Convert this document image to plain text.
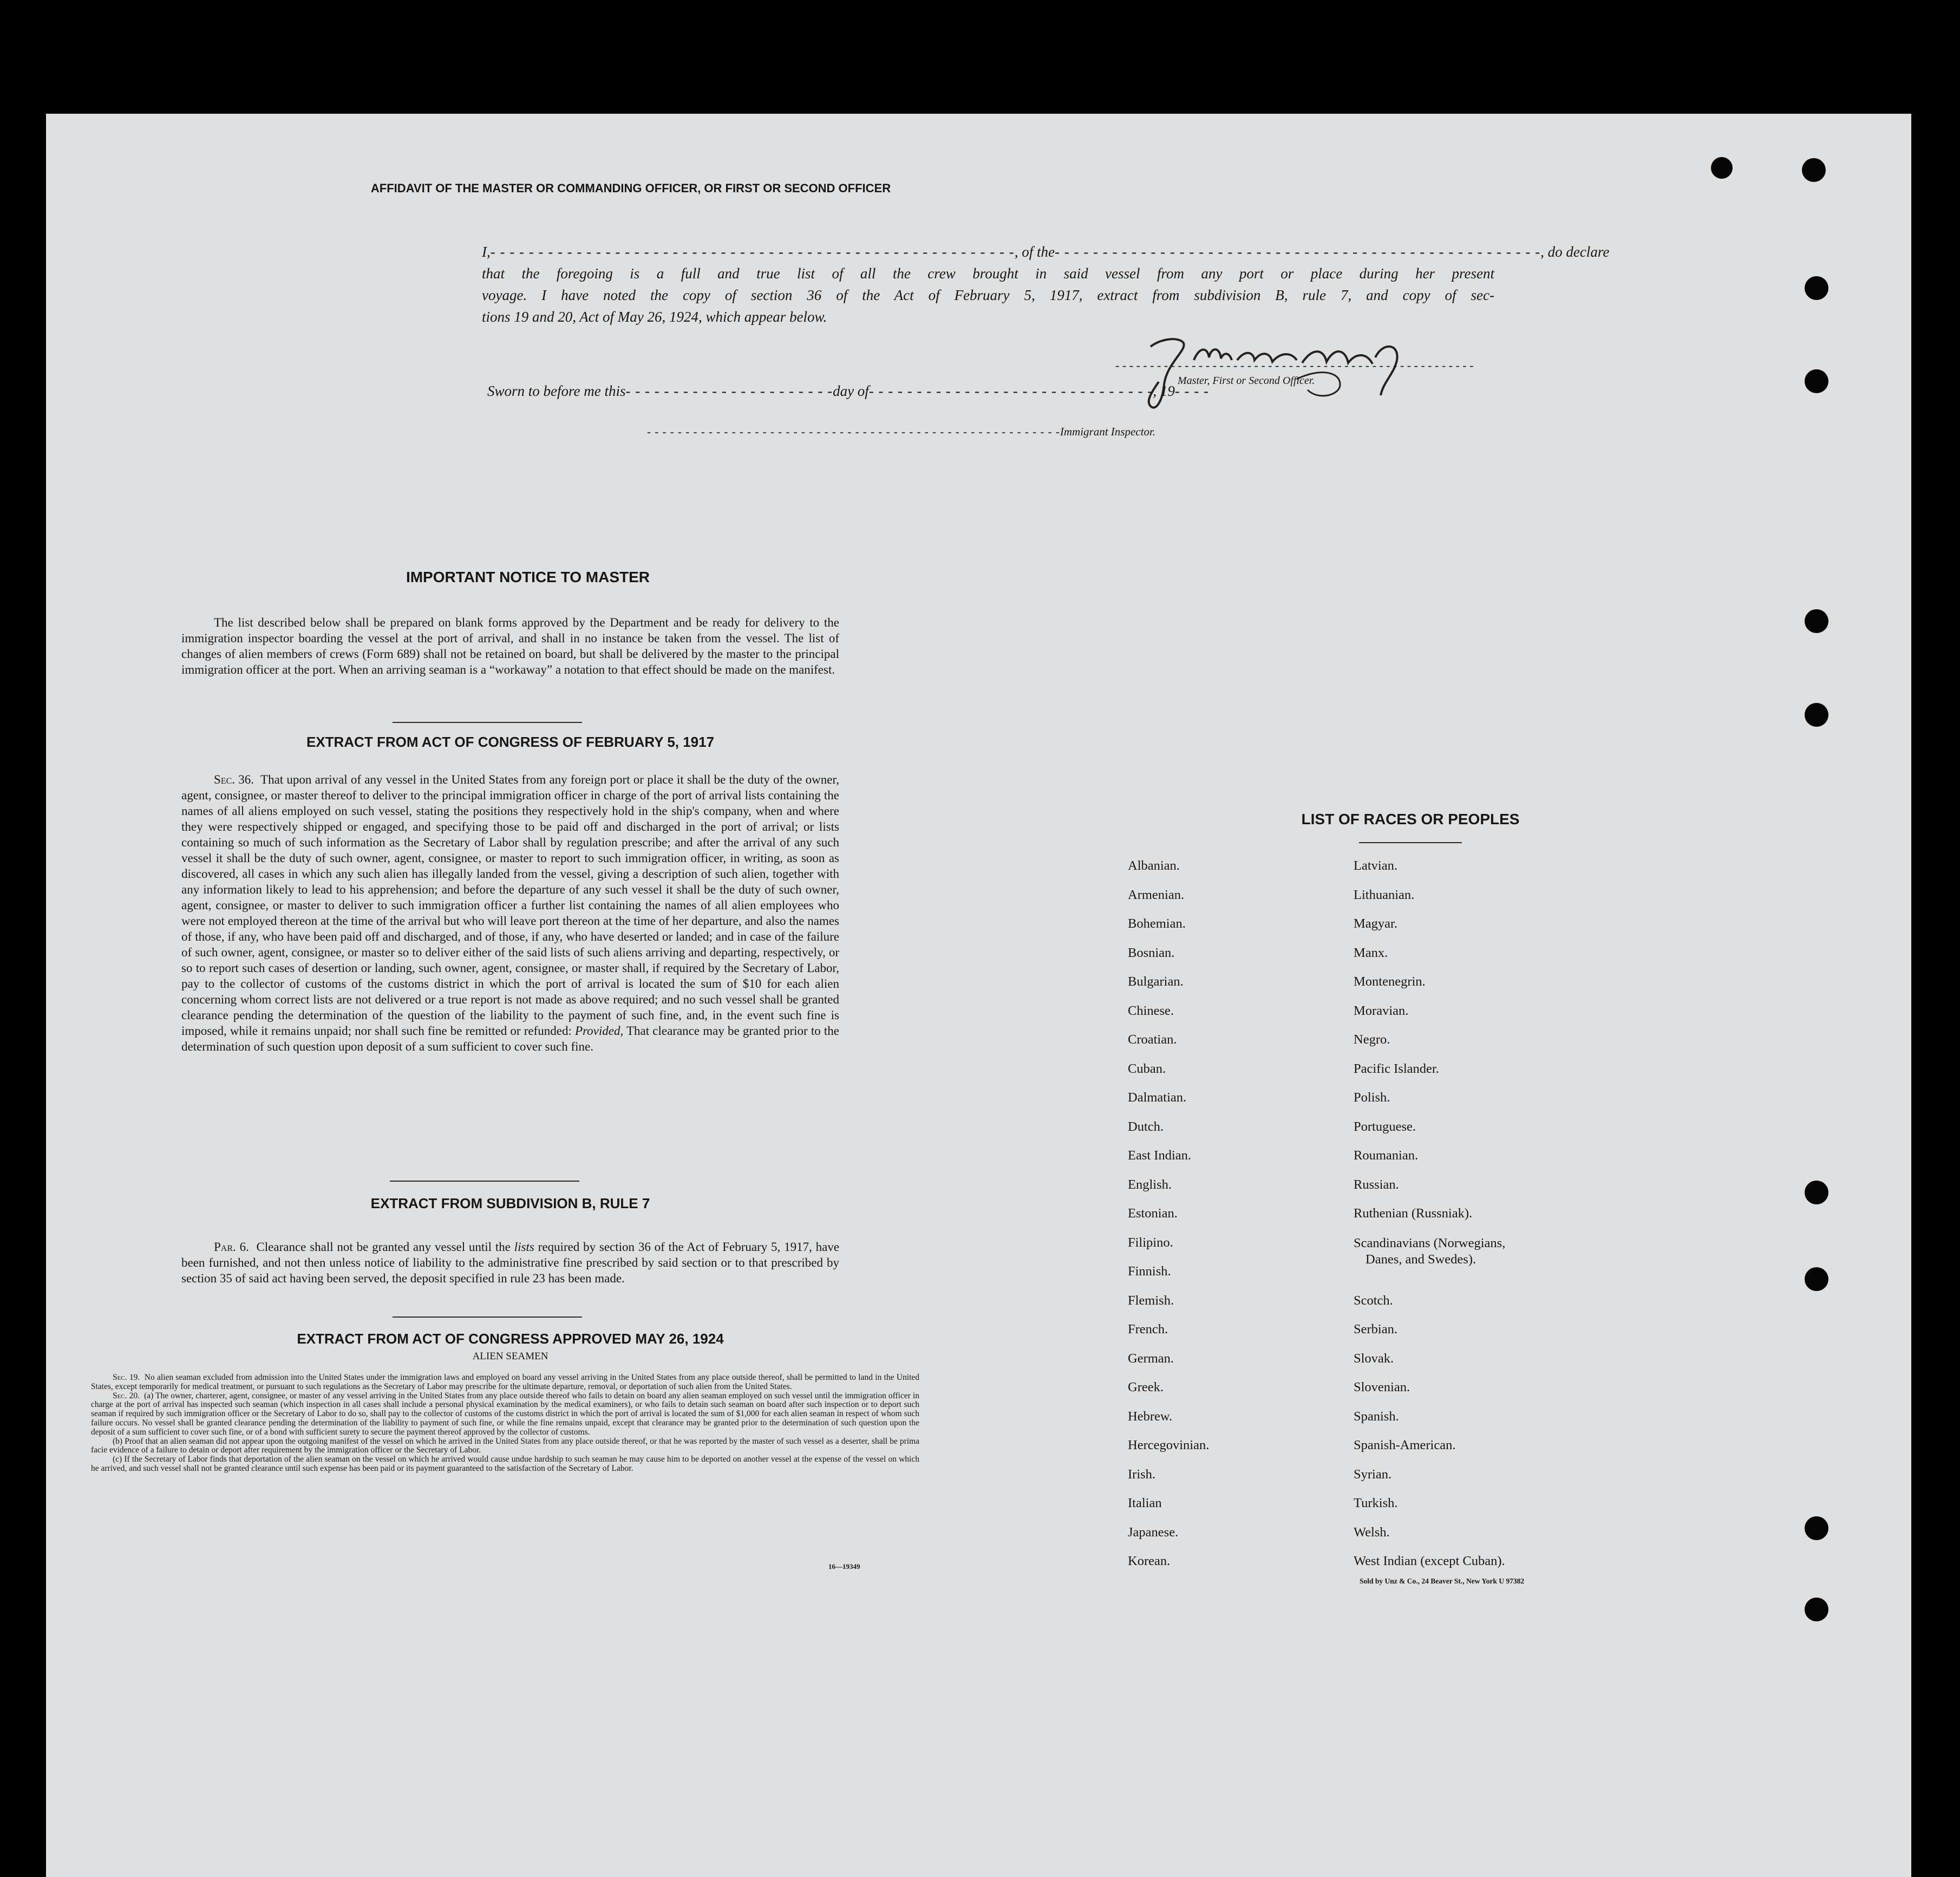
AFFIDAVIT OF THE MASTER OR COMMANDING OFFICER, OR FIRST OR SECOND OFFICER
I,- - - - - - - - - - - - - - - - - - - - - - - - - - - - - - - - - - - - - - - - - - - - - - - - - - - - - - -, of the- - - - - - - - - - - - - - - - - - - - - - - - - - - - - - - - - - - - - - - - - - - - - - - - - - -, do declare
that the foregoing is a full and true list of all the crew brought in said vessel from any port or place during her present
voyage. I have noted the copy of section 36 of the Act of February 5, 1917, extract from subdivision B, rule 7, and copy of sec-
tions 19 and 20, Act of May 26, 1924, which appear below.
- - - - - - - - - - - - - - - - - - - - - - - - - - - - - - - - - - - - - - - - - - - - - - - - - - - -
Master, First or Second Officer.
Sworn to before me this- - - - - - - - - - - - - - - - - - - - - -day of- - - - - - - - - - - - - - - - - - - - - - - - - - - - - -, 19- - - -
- - - - - - - - - - - - - - - - - - - - - - - - - - - - - - - - - - - - - - - - - - - - - - - - - - - - - -Immigrant Inspector.
IMPORTANT NOTICE TO MASTER
The list described below shall be prepared on blank forms approved by the Department and be ready for delivery to the immigration inspector boarding the vessel at the port of arrival, and shall in no instance be taken from the vessel. The list of changes of alien members of crews (Form 689) shall not be retained on board, but shall be delivered by the master to the principal immigration officer at the port. When an arriving seaman is a “workaway” a notation to that effect should be made on the manifest.
EXTRACT FROM ACT OF CONGRESS OF FEBRUARY 5, 1917
Sec. 36. That upon arrival of any vessel in the United States from any foreign port or place it shall be the duty of the owner, agent, consignee, or master thereof to deliver to the principal immigration officer in charge of the port of arrival lists containing the names of all aliens employed on such vessel, stating the positions they respectively hold in the ship's company, when and where they were respectively shipped or engaged, and specifying those to be paid off and discharged in the port of arrival; or lists containing so much of such information as the Secretary of Labor shall by regulation prescribe; and after the arrival of any such vessel it shall be the duty of such owner, agent, consignee, or master to report to such immigration officer, in writing, as soon as discovered, all cases in which any such alien has illegally landed from the vessel, giving a description of such alien, together with any information likely to lead to his apprehension; and before the departure of any such vessel it shall be the duty of such owner, agent, consignee, or master to deliver to such immigration officer a further list containing the names of all alien employees who were not employed thereon at the time of the arrival but who will leave port thereon at the time of her departure, and also the names of those, if any, who have been paid off and discharged, and of those, if any, who have deserted or landed; and in case of the failure of such owner, agent, consignee, or master so to deliver either of the said lists of such aliens arriving and departing, respectively, or so to report such cases of desertion or landing, such owner, agent, consignee, or master shall, if required by the Secretary of Labor, pay to the collector of customs of the customs district in which the port of arrival is located the sum of $10 for each alien concerning whom correct lists are not delivered or a true report is not made as above required; and no such vessel shall be granted clearance pending the determination of the question of the liability to the payment of such fine, and, in the event such fine is imposed, while it remains unpaid; nor shall such fine be remitted or refunded: Provided, That clearance may be granted prior to the determination of such question upon deposit of a sum sufficient to cover such fine.
EXTRACT FROM SUBDIVISION B, RULE 7
Par. 6. Clearance shall not be granted any vessel until the lists required by section 36 of the Act of February 5, 1917, have been furnished, and not then unless notice of liability to the administrative fine prescribed by said section or to that prescribed by section 35 of said act having been served, the deposit specified in rule 23 has been made.
EXTRACT FROM ACT OF CONGRESS APPROVED MAY 26, 1924
ALIEN SEAMEN
Sec. 19. No alien seaman excluded from admission into the United States under the immigration laws and employed on board any vessel arriving in the United States from any place outside thereof, shall be permitted to land in the United States, except temporarily for medical treatment, or pursuant to such regulations as the Secretary of Labor may prescribe for the ultimate departure, removal, or deportation of such alien from the United States.
Sec. 20. (a) The owner, charterer, agent, consignee, or master of any vessel arriving in the United States from any place outside thereof who fails to detain on board any alien seaman employed on such vessel until the immigration officer in charge at the port of arrival has inspected such seaman (which inspection in all cases shall include a personal physical examination by the medical examiners), or who fails to detain such seaman on board after such inspection or to deport such seaman if required by such immigration officer or the Secretary of Labor to do so, shall pay to the collector of customs of the customs district in which the port of arrival is located the sum of $1,000 for each alien seaman in respect of whom such failure occurs. No vessel shall be granted clearance pending the determination of the liability to payment of such fine, or while the fine remains unpaid, except that clearance may be granted prior to the determination of such question upon the deposit of a sum sufficient to cover such fine, or of a bond with sufficient surety to secure the payment thereof approved by the collector of customs.
(b) Proof that an alien seaman did not appear upon the outgoing manifest of the vessel on which he arrived in the United States from any place outside thereof, or that he was reported by the master of such vessel as a deserter, shall be prima facie evidence of a failure to detain or deport after requirement by the immigration officer or the Secretary of Labor.
(c) If the Secretary of Labor finds that deportation of the alien seaman on the vessel on which he arrived would cause undue hardship to such seaman he may cause him to be deported on another vessel at the expense of the vessel on which he arrived, and such vessel shall not be granted clearance until such expense has been paid or its payment guaranteed to the satisfaction of the Secretary of Labor.
16—19349
LIST OF RACES OR PEOPLES
Albanian.
Armenian.
Bohemian.
Bosnian.
Bulgarian.
Chinese.
Croatian.
Cuban.
Dalmatian.
Dutch.
East Indian.
English.
Estonian.
Filipino.
Finnish.
Flemish.
French.
German.
Greek.
Hebrew.
Hercegovinian.
Irish.
Italian
Japanese.
Korean.
Latvian.
Lithuanian.
Magyar.
Manx.
Montenegrin.
Moravian.
Negro.
Pacific Islander.
Polish.
Portuguese.
Roumanian.
Russian.
Ruthenian (Russniak).
Scandinavians (Norwegians,
Danes, and Swedes).
Scotch.
Serbian.
Slovak.
Slovenian.
Spanish.
Spanish-American.
Syrian.
Turkish.
Welsh.
West Indian (except Cuban).
Sold by Unz & Co., 24 Beaver St., New York U 97382
